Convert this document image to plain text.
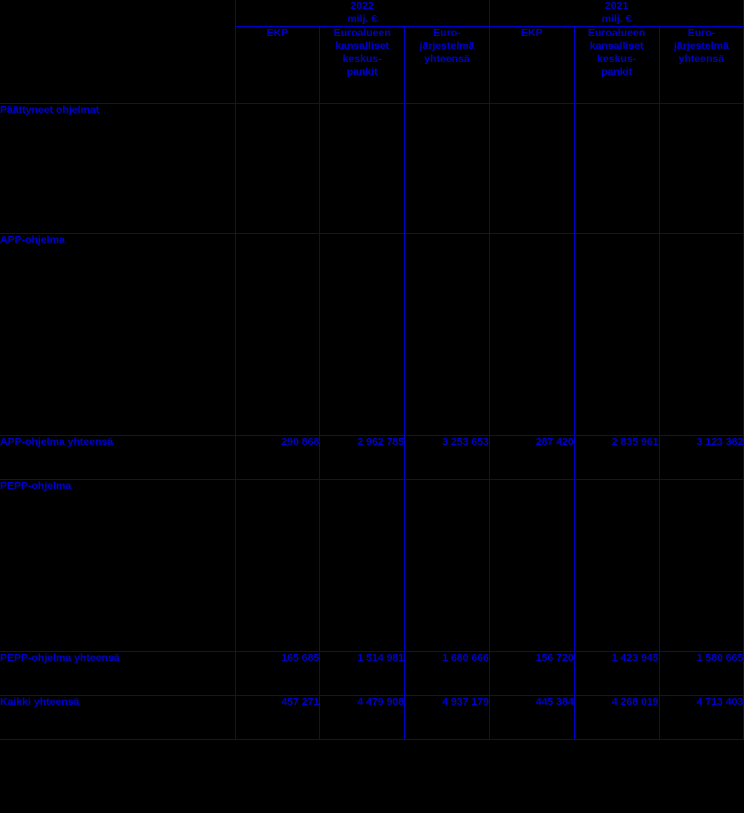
	2022
milj. €			2021
milj. €		

	EKP	Euroalueen
kansalliset
keskus-
pankit	Euro-
järjestelmä
yhteensä	EKP	Euroalueen
kansalliset
keskus-
pankit	Euro-
järjestelmä
yhteensä

Päättyneet ohjelmat						
APP-ohjelma						
APP-ohjelma yhteensä	290 868	2 962 785	3 253 653	287 420	2 835 961	3 123 382
PEPP-ohjelma						
PEPP-ohjelma yhteensä	165 685	1 514 981	1 680 666	156 720	1 423 945	1 580 665
Kaikki yhteensä	457 271	4 479 908	4 937 179	445 384	4 268 019	4 713 403
